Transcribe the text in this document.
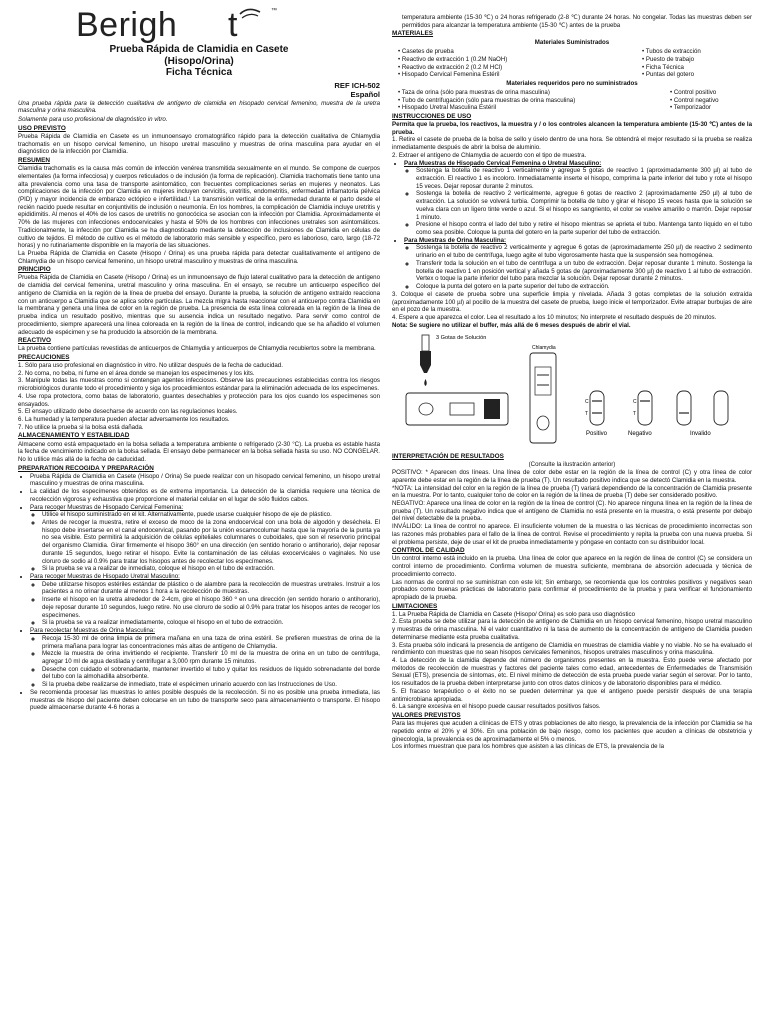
Berigh t	™
Prueba Rápida de Clamidia en Casete
(Hisopo/Orina)
Ficha Técnica
REF ICH-502
Español

Una prueba rápida para la detección cualitativa de antígeno de clamidia en hisopado cervical femenino, muestra de la uretra masculina y orina masculina.

Solamente para uso profesional de diagnóstico in vitro.

USO PREVISTO

Prueba Rápida de Clamidia en Casete es un inmunoensayo cromatográfico rápido para la detección cualitativa de Chlamydia trachomatis en un hisopo cervical femenino, un hisopo uretral masculino y muestras de orina masculina para ayudar en el diagnóstico de la infección por Clamidia.

RESUMEN

Clamidia trachomatis es la causa más común de infección venérea transmitida sexualmente en el mundo. Se compone de cuerpos elementales (la forma infecciosa) y cuerpos reticulados o de inclusión (la forma de replicación). Clamidia trachomatis tiene tanto una alta prevalencia como una tasa de transporte asintomático, con frecuentes complicaciones serias en mujeres y neonatos. Las complicaciones de la infección por Clamidia en mujeres incluyen cervicitis, uretritis, endometritis, enfermedad inflamatoria pélvica (PID) y mayor incidencia de embarazo ectópico e infertilidad.¹ La transmisión vertical de la enfermedad durante el parto desde el recién nacido puede resultar en conjuntivitis de inclusión o neumonía. En los hombres, la complicación de Clamidia incluye uretritis y epididimitis. Al menos el 40% de los casos de uretritis no gonocócica se asocian con la infección por Clamidia. Aproximadamente el 70% de las mujeres con infecciones endocervicales y hasta el 50% de los hombres con infecciones uretrales son asintomáticos. Tradicionalmente, la infección por Clamidia se ha diagnosticado mediante la detección de inclusiones de Clamidia en células de cultivo de tejidos. El método de cultivo es el método de laboratorio más sensible y específico, pero es laborioso, caro, largo (18-72 horas) y no rutinariamente disponible en la mayoría de las situaciones.

La Prueba Rápida de Clamidia en Casete (Hisopo / Orina) es una prueba rápida para detectar cualitativamente el antígeno de Chlamydia de un hisopo cervical femenino, un hisopo uretral masculino y muestras de orina masculina.

PRINCIPIO

Prueba Rápida de Clamidia en Casete (Hisopo / Orina) es un inmunoensayo de flujo lateral cualitativo para la detección de antígeno de clamidia del cervical femenina, uretral masculino y orina masculina. En el ensayo, se recubre un anticuerpo específico del antígeno de Clamidia en la región de la línea de prueba del ensayo. Durante la prueba, la solución de antígeno extraído reacciona con un anticuerpo a Clamidia que se aplica sobre partículas. La mezcla migra hasta reaccionar con el anticuerpo contra Clamidia en la membrana y genera una línea de color en la región de prueba. La presencia de esta línea coloreada en la región de la línea de prueba indica un resultado positivo, mientras que su ausencia indica un resultado negativo. Para servir como control de procedimiento, siempre aparecerá una línea coloreada en la región de la línea de control, indicando que se ha añadido el volumen adecuado de espécimen y se ha producido la absorción de la membrana.

REACTIVO

La prueba contiene partículas revestidas de anticuerpos de Chlamydia y anticuerpos de Chlamydia recubiertos sobre la membrana.

PRECAUCIONES

1. Sólo para uso profesional en diagnóstico in vitro. No utilizar después de la fecha de caducidad.

2. No coma, no beba, ni fume en el área donde se manejan los especímenes y los kits.

3. Manipule todas las muestras como si contengan agentes infecciosos. Observe las precauciones establecidas contra los riesgos microbiológicos durante todo el procedimiento y siga los procedimientos estándar para la eliminación adecuada de los especímenes.

4. Use ropa protectora, como batas de laboratorio, guantes desechables y protección para los ojos cuando los especímenes son ensayados.

5. El ensayo utilizado debe desecharse de acuerdo con las regulaciones locales.

6. La humedad y la temperatura pueden afectar adversamente los resultados.

7. No utilice la prueba si la bolsa está dañada.

ALMACENAMIENTO Y ESTABILIDAD

Almacene como está empaquetado en la bolsa sellada a temperatura ambiente o refrigerado (2-30 °C). La prueba es estable hasta la fecha de vencimiento indicado en la bolsa sellada. El ensayo debe permanecer en la bolsa sellada hasta su uso. NO CONGELAR. No lo utilice más allá de la fecha de caducidad.

PREPARATION RECOGIDA Y PREPARACIÓN
• Prueba Rápida de Clamidia en Casete (Hisopo / Orina) Se puede realizar con un hisopado cervical femenino, un hisopo uretral masculino y muestras de orina masculina.
• La calidad de los especímenes obtenidos es de extrema importancia. La detección de la clamidia requiere una técnica de recolección vigorosa y exhaustiva que proporcione el material celular en el lugar de sólo fluidos cabos.
• Para recoger Muestras de Hisopado Cervical Femenina:
◦ Utilice el hisopo suministrado en el kit. Alternativamente, puede usarse cualquier hisopo de eje de plástico.
◦ Antes de recoger la muestra, retire el exceso de moco de la zona endocervical con una bola de algodón y deséchela. El hisopo debe insertarse en el canal endocervical, pasando por la unión escamocolumar hasta que la mayoría de la punta ya no sea visible. Esto permitirá la adquisición de células epiteliales columnares o cuboidales, que son el reservorio principal del organismo Clamidia. Girar firmemente el hisopo 360° en una dirección (en sentido horario o antihorario), dejar reposar durante 15 segundos, luego retirar el hisopo. Evite la contaminación de las células exocervicales o vaginales. No use cloruro de sodio al 0.9% para tratar los hisopos antes de recolectar los especímenes.
◦ Si la prueba se va a realizar de inmediato, coloque el hisopo en el tubo de extracción.
• Para recoger Muestras de Hisopado Uretral Masculino:
◦ Debe utilizarse hisopos estériles estándar de plástico o de alambre para la recolección de muestras uretrales. Instruir a los pacientes a no orinar durante al menos 1 hora a la recolección de muestras.
◦ Inserte el hisopo en la uretra alrededor de 2-4cm, gire el hisopo 360 º en una dirección (en sentido horario o antihorario), deje reposar durante 10 segundos, luego retire. No use cloruro de sodio al 0.9% para tratar los hisopos antes de recoger los especímenes.
◦ Si la prueba se va a realizar inmediatamente, coloque el hisopo en el tubo de extracción.
• Para recolectar Muestras de Orina Masculina:
◦ Recoja 15-30 ml de orina limpia de primera mañana en una taza de orina estéril. Se prefieren muestras de orina de la primera mañana para lograr las concentraciones más altas de antígeno de Chlamydia.
◦ Mezcle la muestra de orina invirtiendo el recipiente. Transferir 10 ml de la muestra de orina en un tubo de centrifuga, agregar 10 ml de agua destilada y centrifugar a 3,000 rpm durante 15 minutos.
◦ Deseche con cuidado el sobrenadante, mantener invertido el tubo y quitar los residuos de líquido sobrenadante del borde del tubo con la almohadilla absorbente.
◦ Si la prueba debe realizarse de inmediato, trate el espécimen urinario acuerdo con las Instrucciones de Uso.
• Se recomienda procesar las muestras lo antes posible después de la recolección. Si no es posible una prueba inmediata, las muestras de hisopo del paciente deben colocarse en un tubo de transporte seco para almacenamiento o transporte. El hisopo puede almacenarse durante 4-6 horas a

temperatura ambiente (15-30 ℃) o 24 horas refrigerado (2-8 ℃) durante 24 horas. No congelar. Todas las muestras deben ser permitidos para alcanzar la temperatura ambiente (15-30 ℃) antes de la prueba

MATERIALES
Materiales Suministrados
• Casetes de prueba
• Reactivo de extracción 1 (0.2M NaOH)
• Reactivo de extracción 2 (0.2 M HCl)
• Hisopado Cervical Femenina Estéril
• Tubos de extracción
• Puesto de trabajo
• Ficha Técnica
• Puntas del gotero
Materiales requeridos pero no suministrados
• Taza de orina (sólo para muestras de orina masculina)
• Tubo de centrifugación (sólo para muestras de orina masculina)
• Hisopado Uretral Masculina Estéril
• Control positivo
• Control negativo
• Temporizador
INSTRUCCIONES DE USO

Permita que la prueba, los reactivos, la muestra y / o los controles alcancen la temperatura ambiente (15-30 ℃) antes de la prueba.

1. Retire el casete de prueba de la bolsa de sello y úselo dentro de una hora. Se obtendrá el mejor resultado si la prueba se realiza inmediatamente después de abrir la bolsa de aluminio.

2. Extraer el antígeno de Chlamydia de acuerdo con el tipo de muestra.

• Para Muestras de Hisopado Cervical Femenina o Uretral Masculino:
◦ Sostenga la botella de reactivo 1 verticalmente y agregue 5 gotas de reactivo 1 (aproximadamente 300 µl) al tubo de extracción. El reactivo 1 es incoloro. Inmediatamente inserte el hisopo, comprima la parte inferior del tubo y rote el hisopo 15 veces. Dejar reposar durante 2 minutos.
◦ Sostenga la botella de reactivo 2 verticalmente, agregue 6 gotas de reactivo 2 (aproximadamente 250 µl) al tubo de extracción. La solución se volverá turbia. Comprimir la botella de tubo y girar el hisopo 15 veces hasta que la solución se vuelva clara con un ligero tinte verde o azul. Si el hisopo es sangriento, el color se vuelve amarillo o marrón. Dejar reposar 1 minuto.
◦ Presione el hisopo contra el lado del tubo y retire el hisopo mientras se aprieta el tubo. Mantenga tanto líquido en el tubo como sea posible. Coloque la punta del gotero en la parte superior del tubo de extracción.
• Para Muestras de Orina Masculina:
◦ Sostenga la botella de reactivo 2 verticalmente y agregue 6 gotas de (aproximadamente 250 µl) de reactivo 2 sedimento urinario en el tubo de centrífuga, luego agite el tubo vigorosamente hasta que la suspensión sea homogénea.
◦ Transferir toda la solución en el tubo de centrífuga a un tubo de extracción. Dejar reposar durante 1 minuto. Sostenga la botella de reactivo 1 en posición vertical y añada 5 gotas de (aproximadamente 300 µl) de reactivo 1 al tubo de extracción. Vertex o toque la parte inferior del tubo para mezclar la solución. Dejar reposar durante 2 minutos.
◦ Coloque la punta del gotero en la parte superior del tubo de extracción.

3. Coloque el casete de prueba sobre una superficie limpia y nivelada. Añada 3 gotas completas de la solución extraída (aproximadamente 100 µl) al pocillo de la muestra del casete de prueba, luego inicie el temporizador. Evite atrapar burbujas de aire en el pozo de la muestra.

4. Espere a que aparezca el color. Lea el resultado a los 10 minutos; No interprete el resultado después de 20 minutos.

Nota: Se sugiere no utilizar el buffer, más allá de 6 meses después de abrir el vial.

3 Gotas de Solución
Chlamydia
C
T
Positivo
C
T
Negativo	Invalido
INTERPRETACIÓN DE RESULTADOS

(Consulte la ilustración anterior)

POSITIVO: * Aparecen dos líneas. Una línea de color debe estar en la región de la línea de control (C) y otra línea de color aparente debe estar en la región de la línea de prueba (T). Un resultado positivo indica que se detectó Clamidia en la muestra.

*NOTA: La intensidad del color en la región de la línea de prueba (T) variará dependiendo de la concentración de Clamidia presente en la muestra. Por lo tanto, cualquier tono de color en la región de la línea de prueba (T) debe ser considerado positivo.

NEGATIVO: Aparece una línea de color en la región de la línea de control (C). No aparece ninguna línea en la región de la línea de prueba (T). Un resultado negativo indica que el antígeno de Clamidia no está presente en la muestra, o está presente por debajo del nivel detectable de la prueba.

INVÁLIDO: La línea de control no aparece. El insuficiente volumen de la muestra o las técnicas de procedimiento incorrectas son las razones más probables para el fallo de la línea de control. Revise el procedimiento y repita la prueba con una nueva prueba. Si el problema persiste, deje de usar el kit de prueba inmediatamente y póngase en contacto con su distribuidor local.

CONTROL DE CALIDAD

Un control interno está incluido en la prueba. Una línea de color que aparece en la región de línea de control (C) se considera un control interno de procedimiento. Confirma volumen de muestra suficiente, membrana de absorción adecuada y técnica de procedimiento correcto.

Las normas de control no se suministran con este kit; Sin embargo, se recomienda que los controles positivos y negativos sean probados como buenas prácticas de laboratorio para confirmar el procedimiento de la prueba y para verificar el funcionamiento apropiado de la prueba.

LIMITACIONES

1. La Prueba Rápida de Clamidia en Casete (Hisopo/ Orina) es solo para uso diagnóstico

2. Esta prueba se debe utilizar para la detección de antígeno de Clamidia en un hisopo cervical femenino, hisopo uretral masculino y muestras de orina masculina. Ni el valor cuantitativo ni la tasa de aumento de la concentración de antígeno de Clamidia pueden determinarse mediante esta prueba cualitativa.

3. Esta prueba sólo indicará la presencia de antígeno de Clamidia en muestras de clamidia viable y no viable. No se ha evaluado el rendimiento con muestras que no sean hisopos cervicales femeninos, hisopos uretrales masculinos y orina masculina.

4. La detección de la clamidia depende del número de organismos presentes en la muestra. Esto puede verse afectado por métodos de recolección de muestras y factores del paciente tales como edad, antecedentes de Enfermedades de Transmisión Sexual (ETS), presencia de síntomas, etc. El nivel mínimo de detección de esta prueba puede variar según el serovar. Por lo tanto, los resultados de la prueba deben interpretarse junto con otros datos clínicos y de laboratorio disponibles para el médico.

5. El fracaso terapéutico o el éxito no se pueden determinar ya que el antígeno puede persistir después de una terapia antimicrobiana apropiada.

6. La sangre excesiva en el hisopo puede causar resultados positivos falsos.

VALORES PREVISTOS

Para las mujeres que acuden a clínicas de ETS y otras poblaciones de alto riesgo, la prevalencia de la infección por Clamidia se ha repetido entre el 20% y el 30%. En una población de bajo riesgo, como los pacientes que acuden a clínicas de obstetricia y ginecología, la prevalencia es de aproximadamente el 5% o menos.

Los informes muestran que para los hombres que asisten a las clínicas de ETS, la prevalencia de la
